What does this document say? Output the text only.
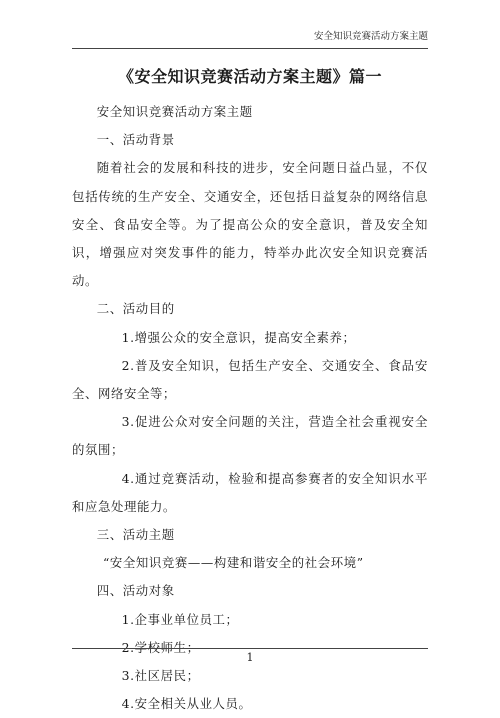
安全知识竞赛活动方案主题
《安全知识竞赛活动方案主题》篇一

安全知识竞赛活动方案主题

一、活动背景

随着社会的发展和科技的进步，安全问题日益凸显，不仅包括传统的生产安全、交通安全，还包括日益复杂的网络信息安全、食品安全等。为了提高公众的安全意识，普及安全知识，增强应对突发事件的能力，特举办此次安全知识竞赛活动。

二、活动目的

1.增强公众的安全意识，提高安全素养；

2.普及安全知识，包括生产安全、交通安全、食品安全、网络安全等；

3.促进公众对安全问题的关注，营造全社会重视安全的氛围；

4.通过竞赛活动，检验和提高参赛者的安全知识水平和应急处理能力。

三、活动主题

“安全知识竞赛——构建和谐安全的社会环境”

四、活动对象

1.企事业单位员工；

2.学校师生；

3.社区居民；

4.安全相关从业人员。

1
